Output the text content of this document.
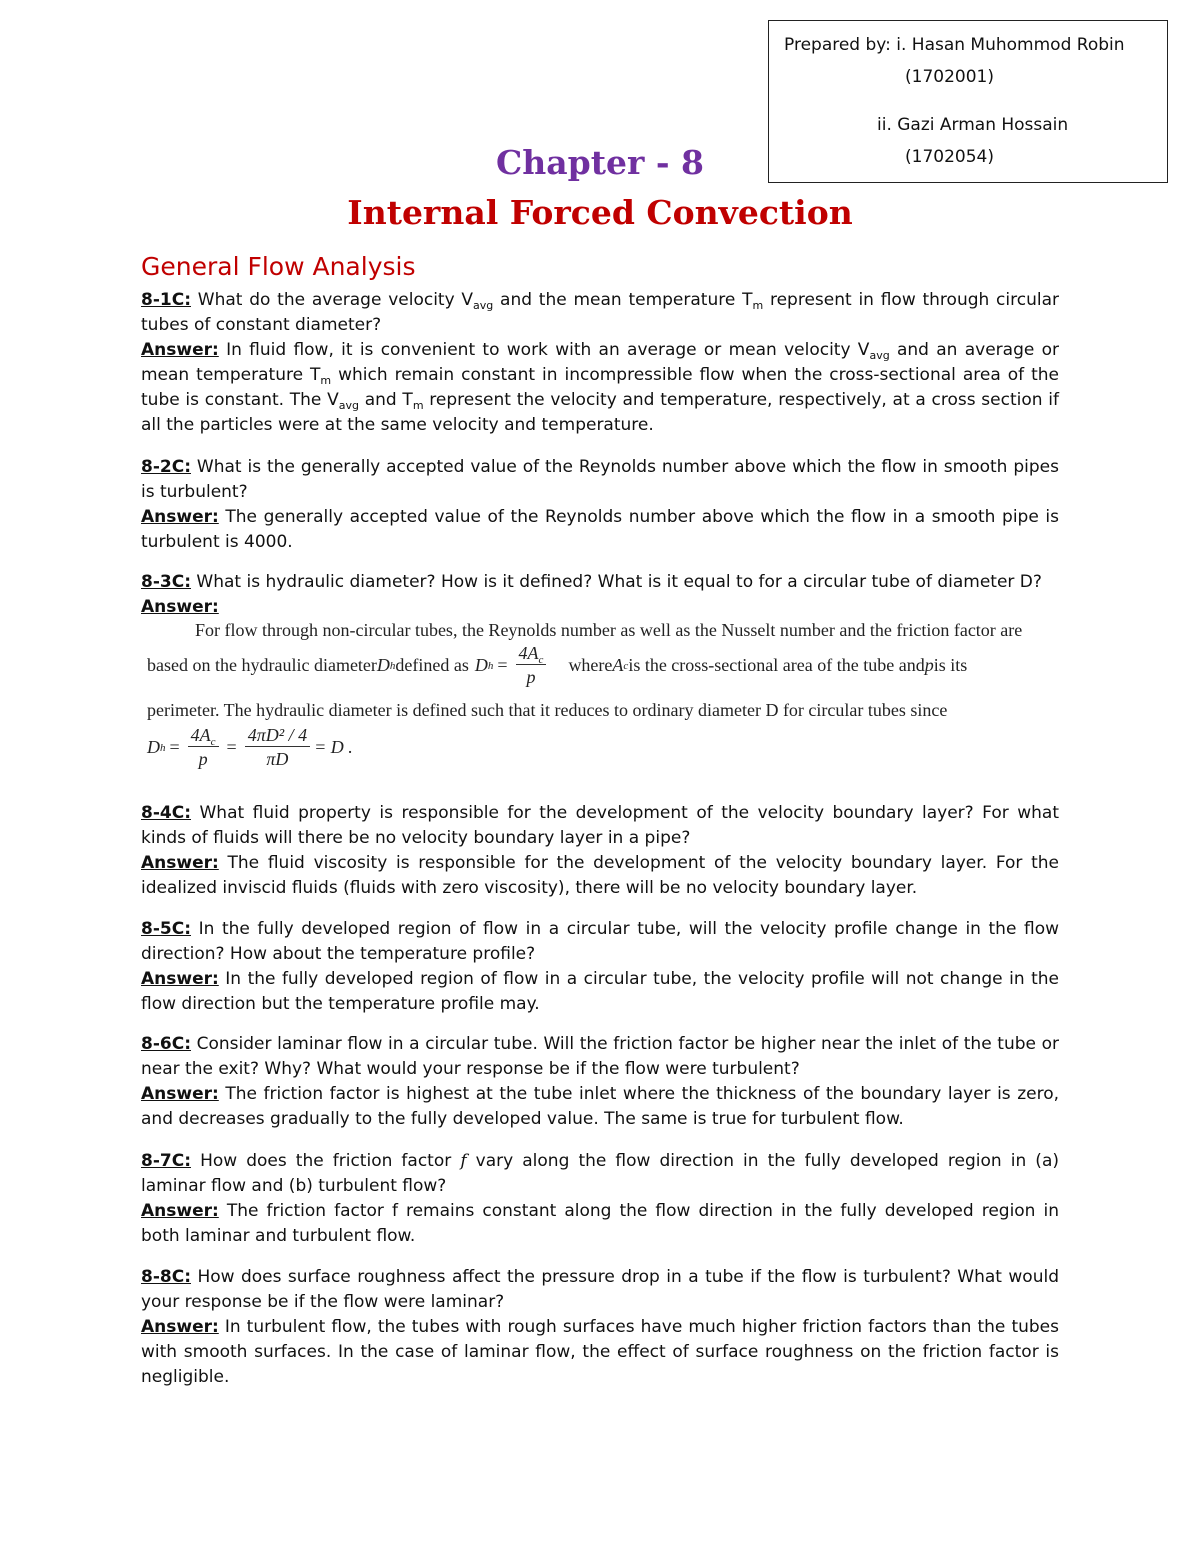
Prepared by: i. Hasan Muhommod Robin
(1702001)
ii. Gazi Arman Hossain
(1702054)
Chapter - 8
Internal Forced Convection
General Flow Analysis

8-1C: What do the average velocity $V_{avg}$ and the mean temperature $T_m$ represent in flow through circular tubes of constant diameter?

Answer: In fluid flow, it is convenient to work with an average or mean velocity $V_{avg}$ and an average or mean temperature $T_m$ which remain constant in incompressible flow when the cross-sectional area of the tube is constant. The $V_{avg}$ and $T_m$ represent the velocity and temperature, respectively, at a cross section if all the particles were at the same velocity and temperature.

8-2C: What is the generally accepted value of the Reynolds number above which the flow in smooth pipes is turbulent?

Answer: The generally accepted value of the Reynolds number above which the flow in a smooth pipe is turbulent is 4000.

8-3C: What is hydraulic diameter? How is it defined? What is it equal to for a circular tube of diameter D?

Answer:

For flow through non-circular tubes, the Reynolds number as well as the Nusselt number and the friction factor are
based on the hydraulic diameter D h defined as D $h = \frac{4A_c}{p}$ where A c is the cross-sectional area of the tube and p is its
perimeter. The hydraulic diameter is defined such that it reduces to ordinary diameter D for circular tubes since
D $h = \frac{4A_c}{p} = \frac{\text{4πD² / 4}}{\pi D} = D$ .

8-4C: What fluid property is responsible for the development of the velocity boundary layer? For what kinds of fluids will there be no velocity boundary layer in a pipe?

Answer: The fluid viscosity is responsible for the development of the velocity boundary layer. For the idealized inviscid fluids (fluids with zero viscosity), there will be no velocity boundary layer.

8-5C: In the fully developed region of flow in a circular tube, will the velocity profile change in the flow direction? How about the temperature profile?

Answer: In the fully developed region of flow in a circular tube, the velocity profile will not change in the flow direction but the temperature profile may.

8-6C: Consider laminar flow in a circular tube. Will the friction factor be higher near the inlet of the tube or near the exit? Why? What would your response be if the flow were turbulent?

Answer: The friction factor is highest at the tube inlet where the thickness of the boundary layer is zero, and decreases gradually to the fully developed value. The same is true for turbulent flow.

8-7C: How does the friction factor f vary along the flow direction in the fully developed region in (a) laminar flow and (b) turbulent flow?

Answer: The friction factor f remains constant along the flow direction in the fully developed region in both laminar and turbulent flow.

8-8C: How does surface roughness affect the pressure drop in a tube if the flow is turbulent? What would your response be if the flow were laminar?

Answer: In turbulent flow, the tubes with rough surfaces have much higher friction factors than the tubes with smooth surfaces. In the case of laminar flow, the effect of surface roughness on the friction factor is negligible.
